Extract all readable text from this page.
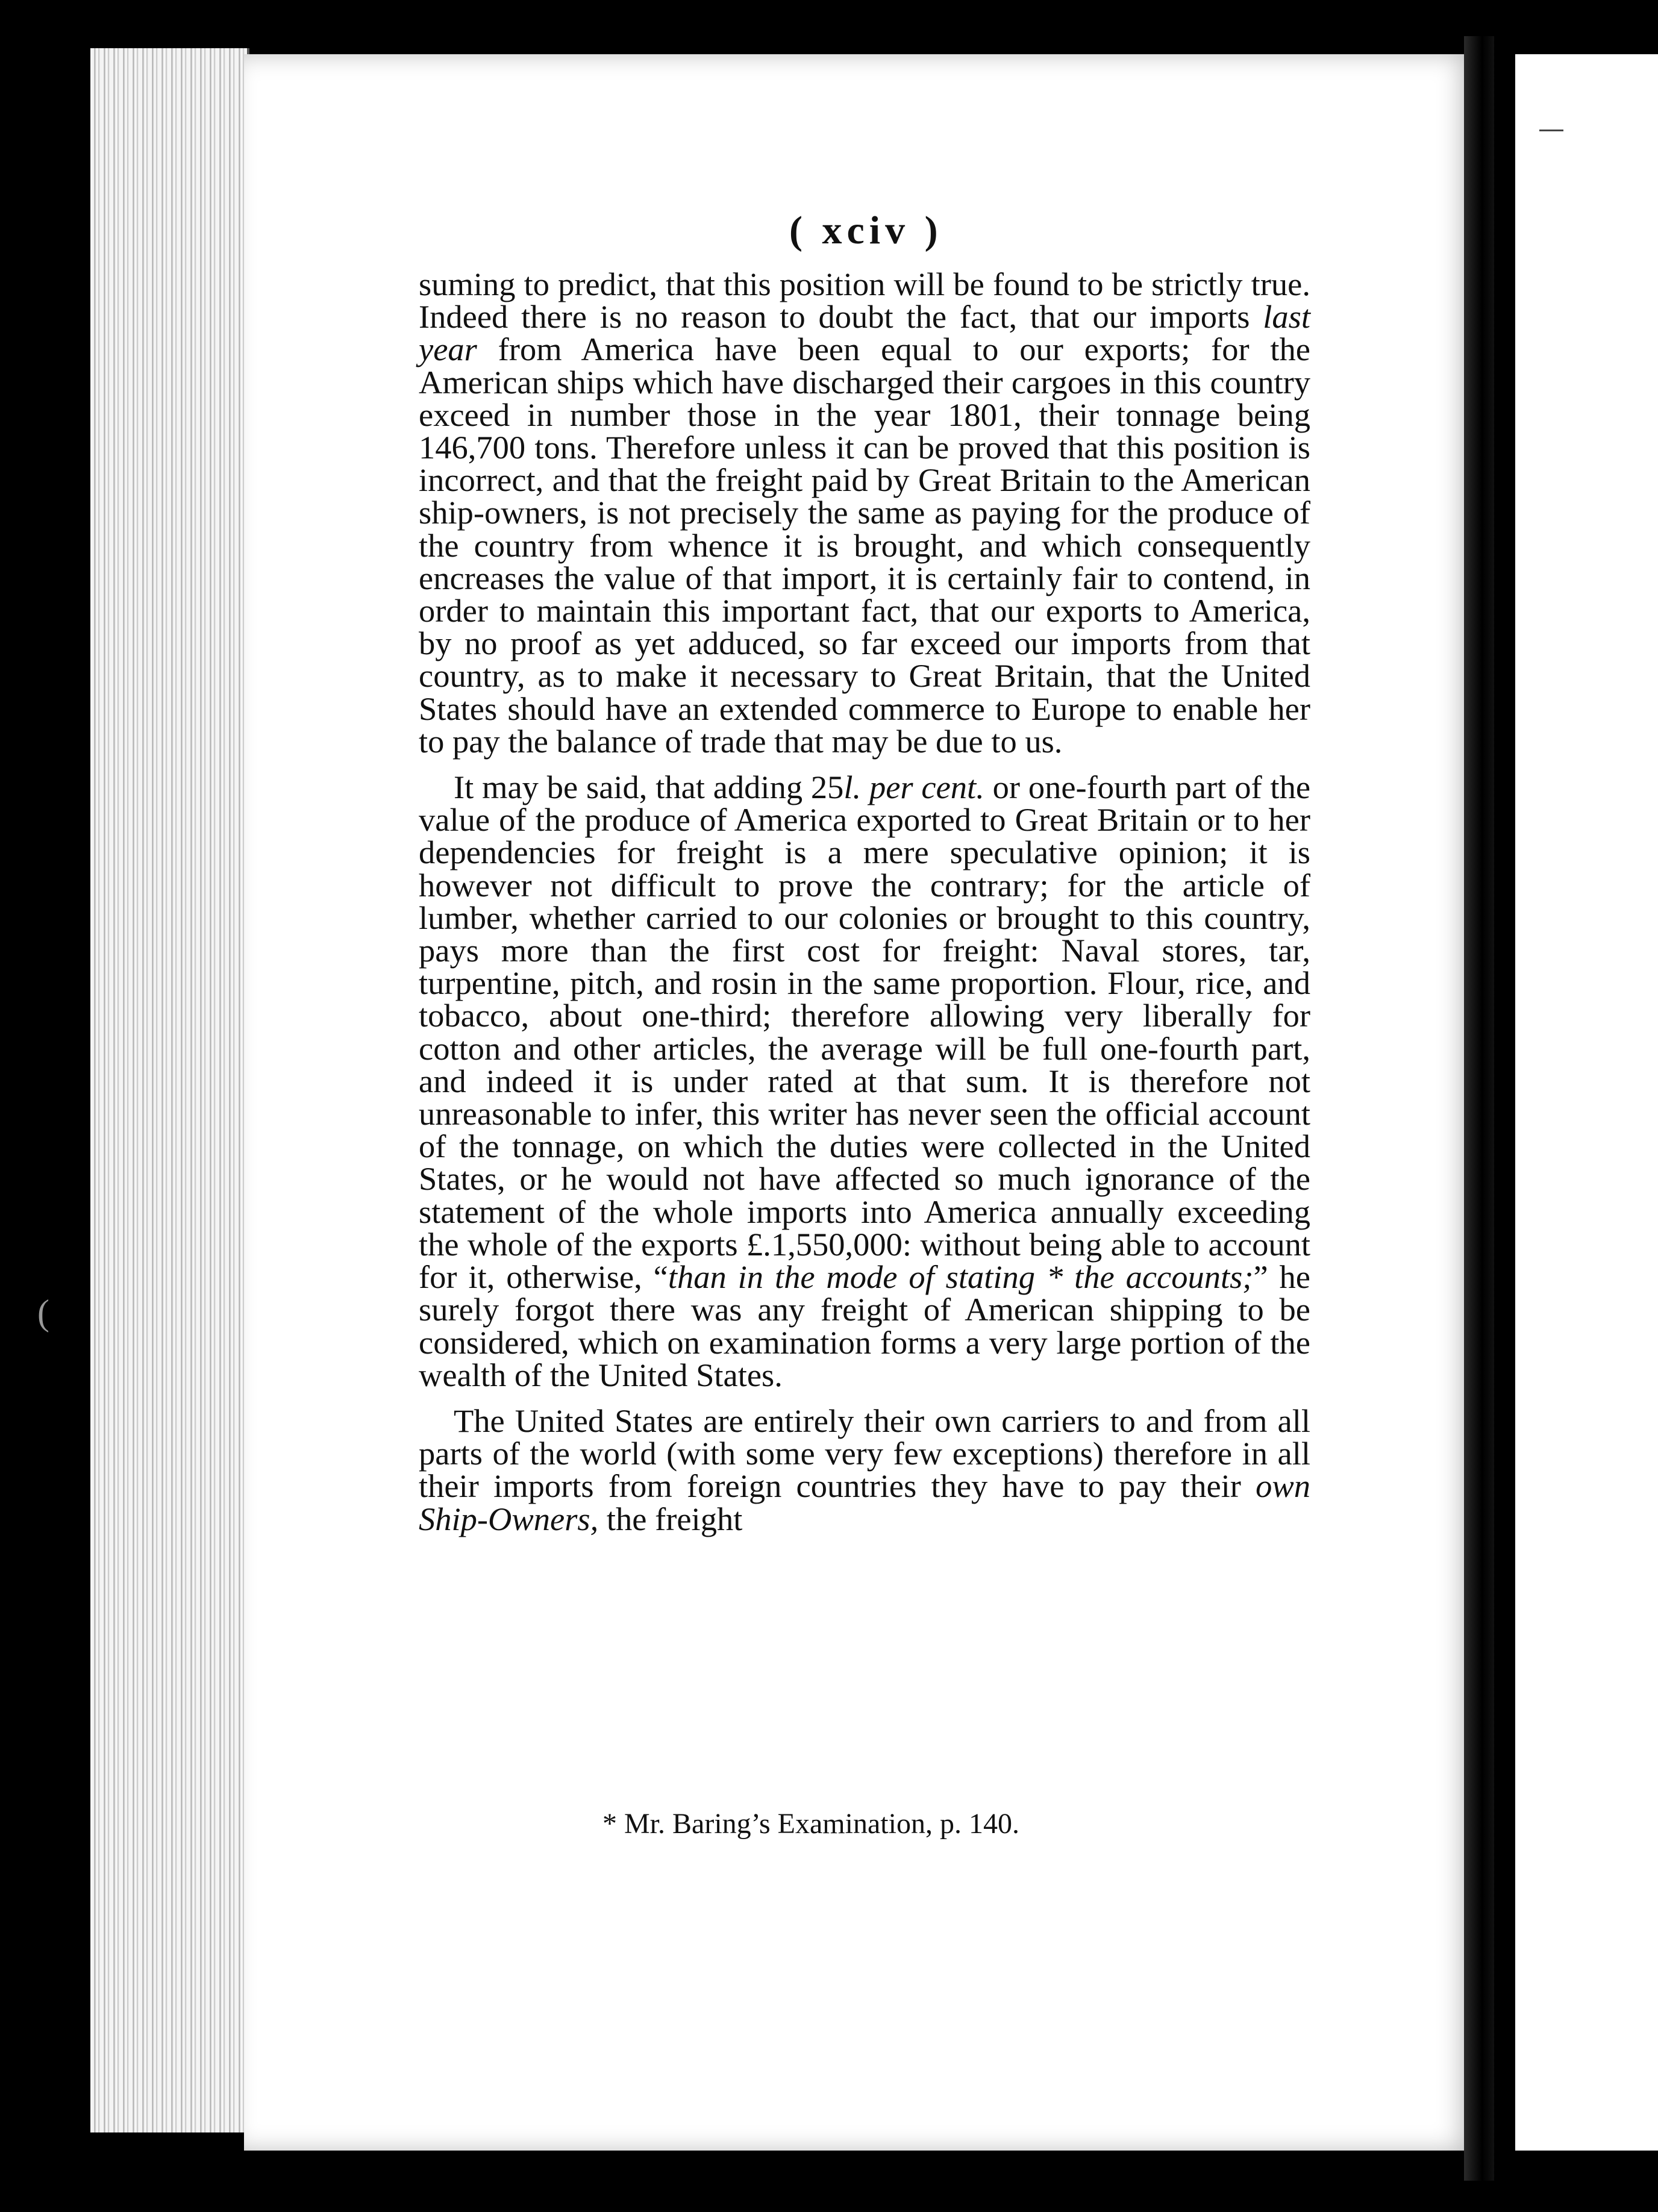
(
( xciv )

suming to predict, that this position will be found to be strictly true. Indeed there is no reason to doubt the fact, that our imports last year from America have been equal to our exports; for the American ships which have discharged their cargoes in this country exceed in number those in the year 1801, their tonnage being 146,700 tons. Therefore unless it can be proved that this position is incorrect, and that the freight paid by Great Britain to the American ship-owners, is not precisely the same as paying for the produce of the country from whence it is brought, and which consequently encreases the value of that import, it is certainly fair to contend, in order to maintain this important fact, that our exports to America, by no proof as yet adduced, so far exceed our imports from that country, as to make it necessary to Great Britain, that the United States should have an extended commerce to Europe to enable her to pay the balance of trade that may be due to us.

It may be said, that adding 25l. per cent. or one-fourth part of the value of the produce of America exported to Great Britain or to her dependencies for freight is a mere speculative opinion; it is however not difficult to prove the contrary; for the article of lumber, whether carried to our colonies or brought to this country, pays more than the first cost for freight: Naval stores, tar, turpentine, pitch, and rosin in the same proportion. Flour, rice, and tobacco, about one-third; therefore allowing very liberally for cotton and other articles, the average will be full one-fourth part, and indeed it is under rated at that sum. It is therefore not unreasonable to infer, this writer has never seen the official account of the tonnage, on which the duties were collected in the United States, or he would not have affected so much ignorance of the statement of the whole imports into America annually exceeding the whole of the exports £.1,550,000: without being able to account for it, otherwise, “than in the mode of stating * the accounts;” he surely forgot there was any freight of American shipping to be considered, which on examination forms a very large portion of the wealth of the United States.

The United States are entirely their own carriers to and from all parts of the world (with some very few exceptions) therefore in all their imports from foreign countries they have to pay their own Ship-Owners, the freight

* Mr. Baring’s Examination, p. 140.
